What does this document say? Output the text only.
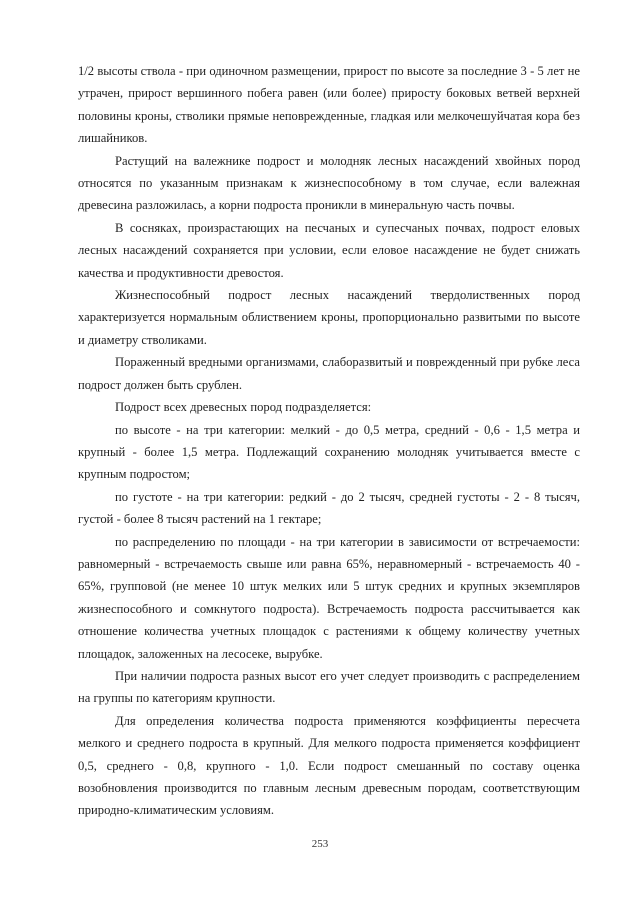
1/2 высоты ствола - при одиночном размещении, прирост по высоте за последние 3 - 5 лет не утрачен, прирост вершинного побега равен (или более) приросту боковых ветвей верхней половины кроны, стволики прямые неповрежденные, гладкая или мелкочешуйчатая кора без лишайников.

Растущий на валежнике подрост и молодняк лесных насаждений хвойных пород относятся по указанным признакам к жизнеспособному в том случае, если валежная древесина разложилась, а корни подроста проникли в минеральную часть почвы.

В сосняках, произрастающих на песчаных и супесчаных почвах, подрост еловых лесных насаждений сохраняется при условии, если еловое насаждение не будет снижать качества и продуктивности древостоя.

Жизнеспособный подрост лесных насаждений твердолиственных пород характеризуется нормальным облиствением кроны, пропорционально развитыми по высоте и диаметру стволиками.

Пораженный вредными организмами, слаборазвитый и поврежденный при рубке леса подрост должен быть срублен.

Подрост всех древесных пород подразделяется:

по высоте - на три категории: мелкий - до 0,5 метра, средний - 0,6 - 1,5 метра и крупный - более 1,5 метра. Подлежащий сохранению молодняк учитывается вместе с крупным подростом;

по густоте - на три категории: редкий - до 2 тысяч, средней густоты - 2 - 8 тысяч, густой - более 8 тысяч растений на 1 гектаре;

по распределению по площади - на три категории в зависимости от встречаемости: равномерный - встречаемость свыше или равна 65%, неравномерный - встречаемость 40 - 65%, групповой (не менее 10 штук мелких или 5 штук средних и крупных экземпляров жизнеспособного и сомкнутого подроста). Встречаемость подроста рассчитывается как отношение количества учетных площадок с растениями к общему количеству учетных площадок, заложенных на лесосеке, вырубке.

При наличии подроста разных высот его учет следует производить с распределением на группы по категориям крупности.

Для определения количества подроста применяются коэффициенты пересчета мелкого и среднего подроста в крупный. Для мелкого подроста применяется коэффициент 0,5, среднего - 0,8, крупного - 1,0. Если подрост смешанный по составу оценка возобновления производится по главным лесным древесным породам, соответствующим природно-климатическим условиям.

253
